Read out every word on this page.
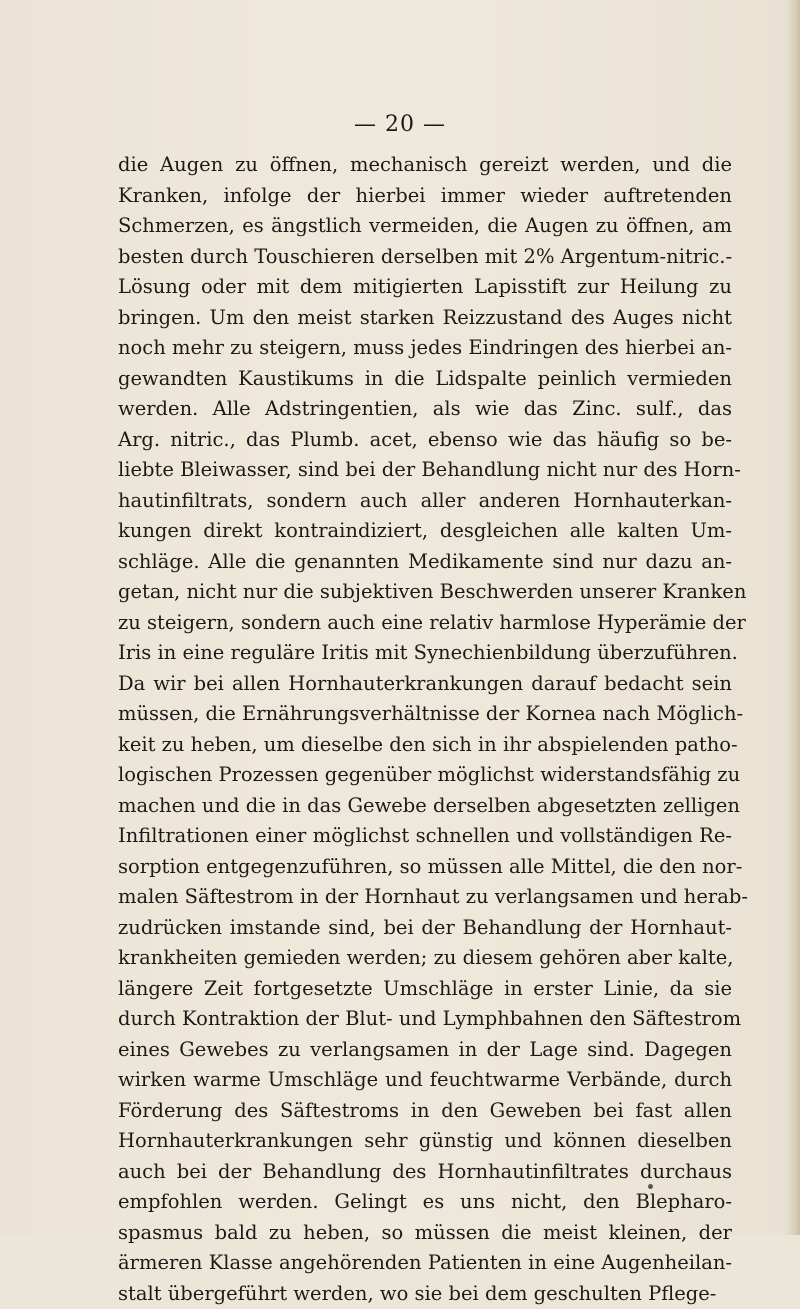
— 20 —
die Augen zu öffnen, mechanisch gereizt werden, und die
Kranken, infolge der hierbei immer wieder auftretenden
Schmerzen, es ängstlich vermeiden, die Augen zu öffnen, am
besten durch Touschieren derselben mit 2% Argentum-nitric.-
Lösung oder mit dem mitigierten Lapisstift zur Heilung zu
bringen. Um den meist starken Reizzustand des Auges nicht
noch mehr zu steigern, muss jedes Eindringen des hierbei an-
gewandten Kaustikums in die Lidspalte peinlich vermieden
werden. Alle Adstringentien, als wie das Zinc. sulf., das
Arg. nitric., das Plumb. acet, ebenso wie das häufig so be-
liebte Bleiwasser, sind bei der Behandlung nicht nur des Horn-
hautinfiltrats, sondern auch aller anderen Hornhauterkan-
kungen direkt kontraindiziert, desgleichen alle kalten Um-
schläge. Alle die genannten Medikamente sind nur dazu an-
getan, nicht nur die subjektiven Beschwerden unserer Kranken
zu steigern, sondern auch eine relativ harmlose Hyperämie der
Iris in eine reguläre Iritis mit Synechienbildung überzuführen.
Da wir bei allen Hornhauterkrankungen darauf bedacht sein
müssen, die Ernährungsverhältnisse der Kornea nach Möglich-
keit zu heben, um dieselbe den sich in ihr abspielenden patho-
logischen Prozessen gegenüber möglichst widerstandsfähig zu
machen und die in das Gewebe derselben abgesetzten zelligen
Infiltrationen einer möglichst schnellen und vollständigen Re-
sorption entgegenzuführen, so müssen alle Mittel, die den nor-
malen Säftestrom in der Hornhaut zu verlangsamen und herab-
zudrücken imstande sind, bei der Behandlung der Hornhaut-
krankheiten gemieden werden; zu diesem gehören aber kalte,
längere Zeit fortgesetzte Umschläge in erster Linie, da sie
durch Kontraktion der Blut- und Lymphbahnen den Säftestrom
eines Gewebes zu verlangsamen in der Lage sind. Dagegen
wirken warme Umschläge und feuchtwarme Verbände, durch
Förderung des Säftestroms in den Geweben bei fast allen
Hornhauterkrankungen sehr günstig und können dieselben
auch bei der Behandlung des Hornhautinfiltrates durchaus
empfohlen werden. Gelingt es uns nicht, den Blepharo-
spasmus bald zu heben, so müssen die meist kleinen, der
ärmeren Klasse angehörenden Patienten in eine Augenheilan-
stalt übergeführt werden, wo sie bei dem geschulten Pflege-
